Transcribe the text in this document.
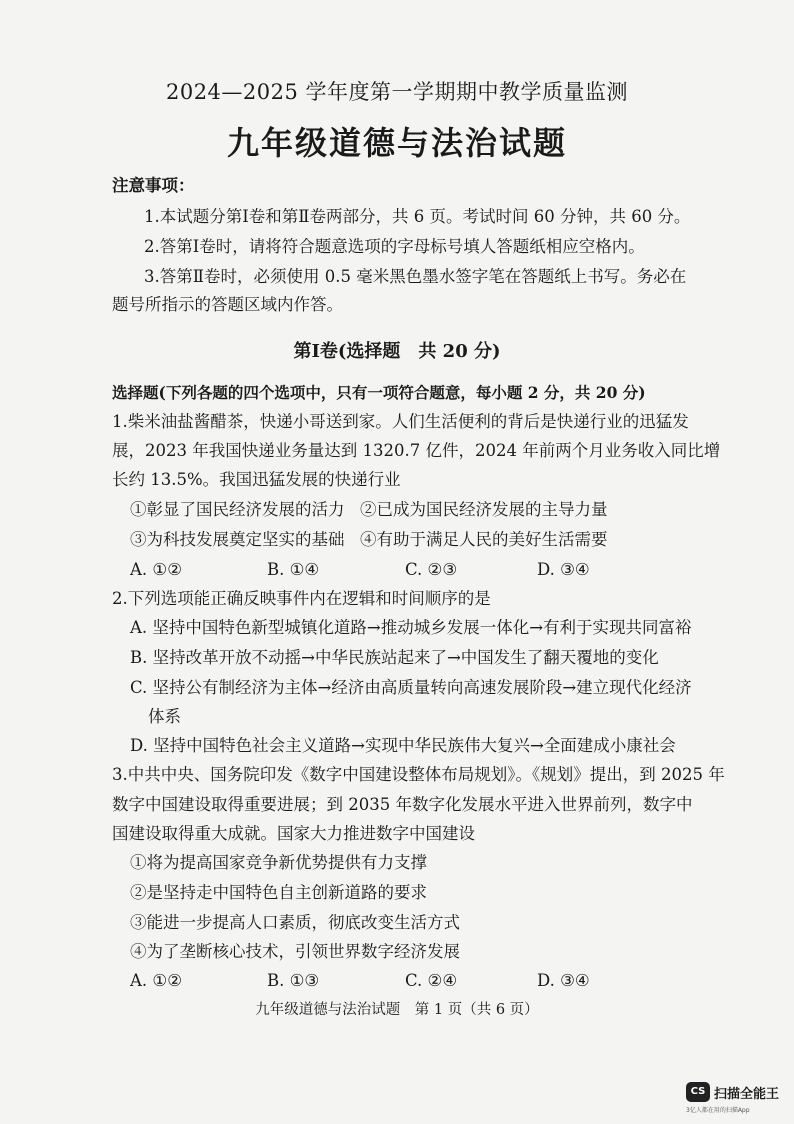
2024—2025 学年度第一学期期中教学质量监测
九年级道德与法治试题
注意事项：
1.本试题分第Ⅰ卷和第Ⅱ卷两部分，共 6 页。考试时间 60 分钟，共 60 分。
2.答第Ⅰ卷时，请将符合题意选项的字母标号填人答题纸相应空格内。
3.答第Ⅱ卷时，必须使用 0.5 毫米黑色墨水签字笔在答题纸上书写。务必在
题号所指示的答题区域内作答。
第Ⅰ卷(选择题　共 20 分)
选择题(下列各题的四个选项中，只有一项符合题意，每小题 2 分，共 20 分)
1.柴米油盐酱醋茶，快递小哥送到家。人们生活便利的背后是快递行业的迅猛发
展，2023 年我国快递业务量达到 1320.7 亿件，2024 年前两个月业务收入同比增
长约 13.5%。我国迅猛发展的快递行业
①彰显了国民经济发展的活力 ②已成为国民经济发展的主导力量
③为科技发展奠定坚实的基础 ④有助于满足人民的美好生活需要
A. ①②	B. ①④	C. ②③	D. ③④
2.下列选项能正确反映事件内在逻辑和时间顺序的是
A. 坚持中国特色新型城镇化道路→推动城乡发展一体化→有利于实现共同富裕
B. 坚持改革开放不动摇→中华民族站起来了→中国发生了翻天覆地的变化
C. 坚持公有制经济为主体→经济由高质量转向高速发展阶段→建立现代化经济
体系
D. 坚持中国特色社会主义道路→实现中华民族伟大复兴→全面建成小康社会
3.中共中央、国务院印发《数字中国建设整体布局规划》。《规划》提出，到 2025 年
数字中国建设取得重要进展；到 2035 年数字化发展水平进入世界前列，数字中
国建设取得重大成就。国家大力推进数字中国建设
①将为提高国家竞争新优势提供有力支撑
②是坚持走中国特色自主创新道路的要求
③能进一步提高人口素质，彻底改变生活方式
④为了垄断核心技术，引领世界数字经济发展
A. ①②	B. ①③	C. ②④	D. ③④
九年级道德与法治试题　第 1 页（共 6 页）
CS 扫描全能王
3亿人都在用的扫描App
